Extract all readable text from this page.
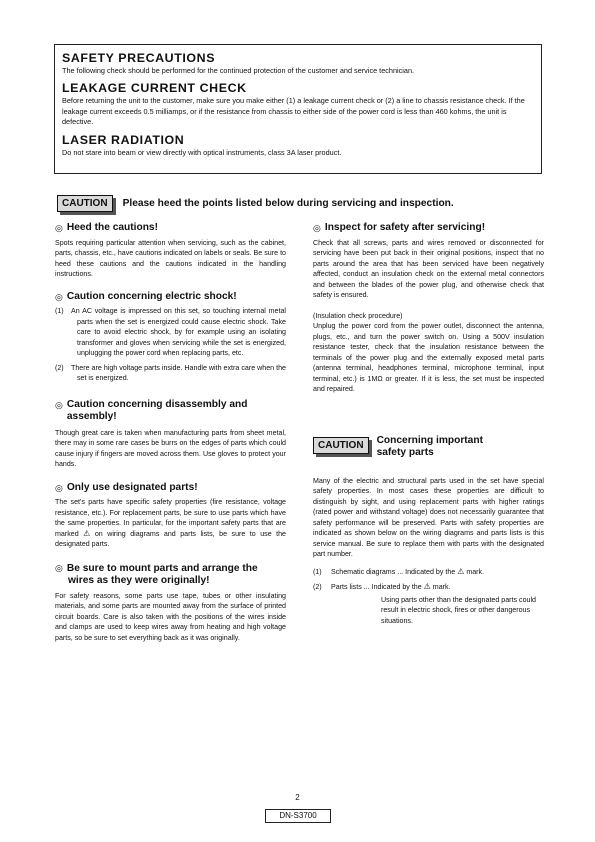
SAFETY PRECAUTIONS

The following check should be performed for the continued protection of the customer and service technician.

LEAKAGE CURRENT CHECK

Before returning the unit to the customer, make sure you make either (1) a leakage current check or (2) a line to chassis resistance check. If the leakage current exceeds 0.5 milliamps, or if the resistance from chassis to either side of the power cord is less than 460 kohms, the unit is defective.

LASER RADIATION

Do not stare into beam or view directly with optical instruments, class 3A laser product.

CAUTION	Please heed the points listed below during servicing and inspection.
◎ Heed the cautions!

Spots requiring particular attention when servicing, such as the cabinet, parts, chassis, etc., have cautions indicated on labels or seals. Be sure to heed these cautions and the cautions indicated in the handling instructions.

◎ Caution concerning electric shock!
(1)	An AC voltage is impressed on this set, so touching internal metal parts when the set is energized could cause electric shock. Take care to avoid electric shock, by for example using an isolating transformer and gloves when servicing while the set is energized, unplugging the power cord when replacing parts, etc.
(2)	There are high voltage parts inside. Handle with extra care when the set is energized.
◎ Caution concerning disassembly and assembly!

Though great care is taken when manufacturing parts from sheet metal, there may in some rare cases be burrs on the edges of parts which could cause injury if fingers are moved across them. Use gloves to protect your hands.

◎ Only use designated parts!

The set's parts have specific safety properties (fire resistance, voltage resistance, etc.). For replacement parts, be sure to use parts which have the same properties. In particular, for the important safety parts that are marked ⚠ on wiring diagrams and parts lists, be sure to use the designated parts.

◎ Be sure to mount parts and arrange the wires as they were originally!

For safety reasons, some parts use tape, tubes or other insulating materials, and some parts are mounted away from the surface of printed circuit boards. Care is also taken with the positions of the wires inside and clamps are used to keep wires away from heating and high voltage parts, so be sure to set everything back as it was originally.

◎ Inspect for safety after servicing!

Check that all screws, parts and wires removed or disconnected for servicing have been put back in their original positions, inspect that no parts around the area that has been serviced have been negatively affected, conduct an insulation check on the external metal connectors and between the blades of the power plug, and otherwise check that safety is ensured.

(Insulation check procedure)

Unplug the power cord from the power outlet, disconnect the antenna, plugs, etc., and turn the power switch on. Using a 500V insulation resistance tester, check that the insulation resistance between the terminals of the power plug and the externally exposed metal parts (antenna terminal, headphones terminal, microphone terminal, input terminal, etc.) is 1MΩ or greater. If it is less, the set must be inspected and repaired.

CAUTION	Concerning important safety parts

Many of the electric and structural parts used in the set have special safety properties. In most cases these properties are difficult to distinguish by sight, and using replacement parts with higher ratings (rated power and withstand voltage) does not necessarily guarantee that safety performance will be preserved. Parts with safety properties are indicated as shown below on the wiring diagrams and parts lists is this service manual. Be sure to replace them with parts with the designated part number.

(1)	Schematic diagrams ... Indicated by the ⚠ mark.
(2)	Parts lists ... Indicated by the ⚠ mark.

Using parts other than the designated parts could result in electric shock, fires or other dangerous situations.

2
DN-S3700
